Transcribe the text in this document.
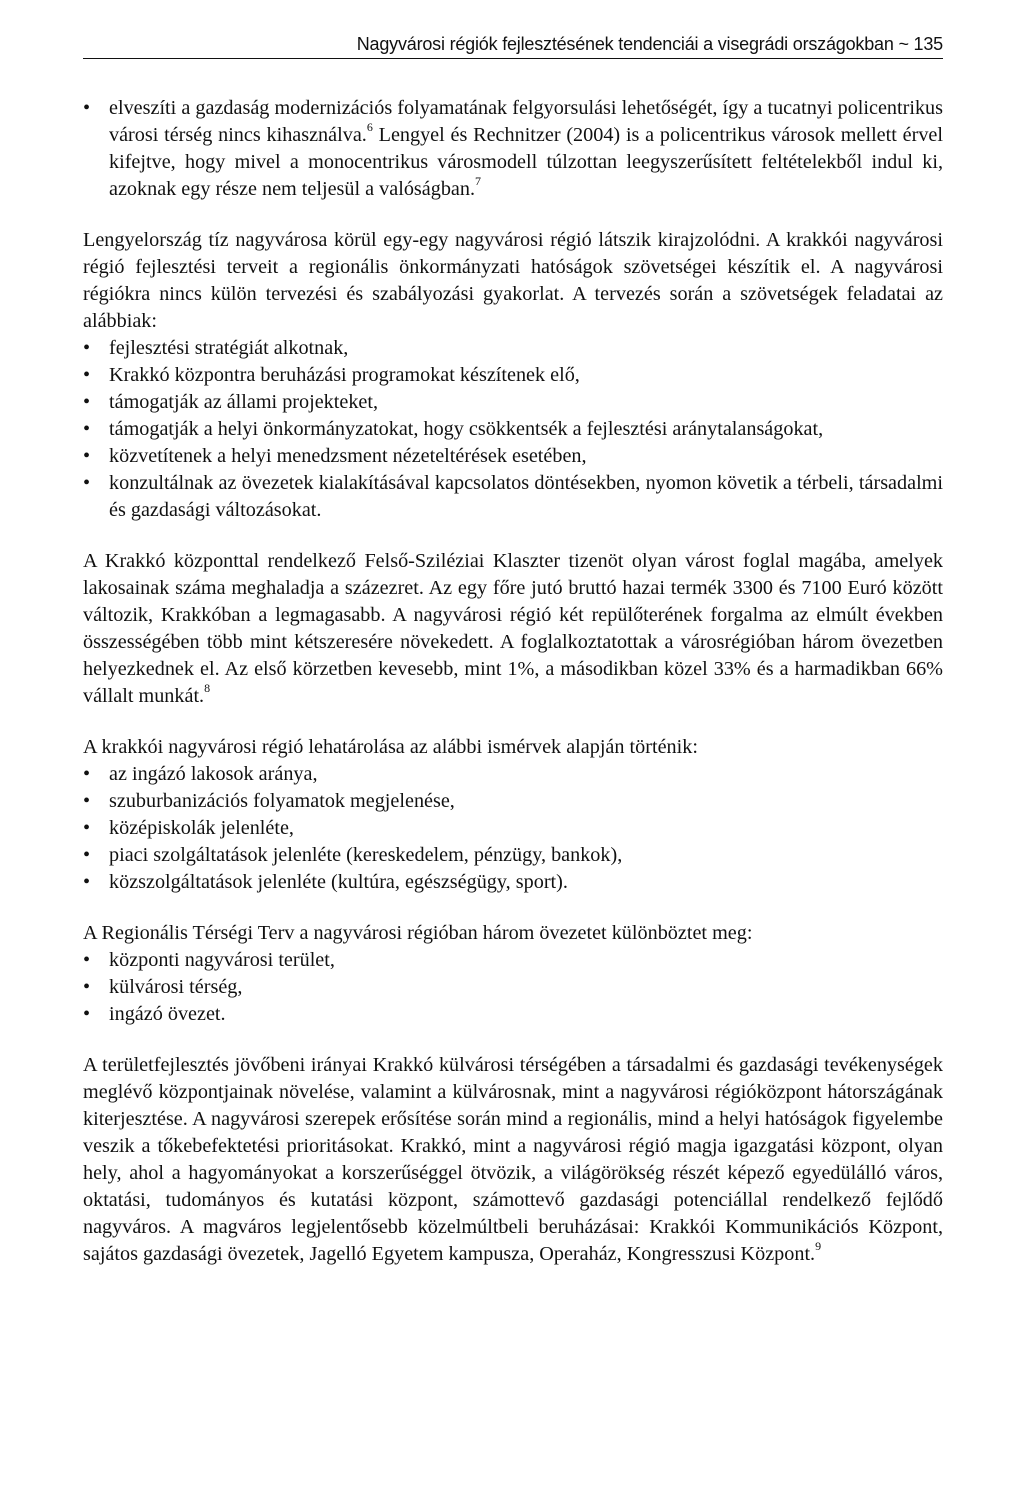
Nagyvárosi régiók fejlesztésének tendenciái a visegrádi országokban ~ 135
• elveszíti a gazdaság modernizációs folyamatának felgyorsulási lehetőségét, így a tucatnyi policentrikus városi térség nincs kihasználva.$^6$ Lengyel és Rechnitzer (2004) is a policentrikus városok mellett érvel kifejtve, hogy mivel a monocentrikus városmodell túlzottan leegyszerűsített feltételekből indul ki, azoknak egy része nem teljesül a valóságban.$^7$

Lengyelország tíz nagyvárosa körül egy-egy nagyvárosi régió látszik kirajzolódni. A krakkói nagyvárosi régió fejlesztési terveit a regionális önkormányzati hatóságok szövetségei készítik el. A nagyvárosi régiókra nincs külön tervezési és szabályozási gyakorlat. A tervezés során a szövetségek feladatai az alábbiak:

• fejlesztési stratégiát alkotnak,
• Krakkó központra beruházási programokat készítenek elő,
• támogatják az állami projekteket,
• támogatják a helyi önkormányzatokat, hogy csökkentsék a fejlesztési aránytalanságokat,
• közvetítenek a helyi menedzsment nézeteltérések esetében,
• konzultálnak az övezetek kialakításával kapcsolatos döntésekben, nyomon követik a térbeli, társadalmi és gazdasági változásokat.

A Krakkó központtal rendelkező Felső-Sziléziai Klaszter tizenöt olyan várost foglal magába, amelyek lakosainak száma meghaladja a százezret. Az egy főre jutó bruttó hazai termék 3300 és 7100 Euró között változik, Krakkóban a legmagasabb. A nagyvárosi régió két repülőterének forgalma az elmúlt években összességében több mint kétszeresére növekedett. A foglalkoztatottak a városrégióban három övezetben helyezkednek el. Az első körzetben kevesebb, mint 1%, a másodikban közel 33% és a harmadikban 66% vállalt munkát.$^8$

A krakkói nagyvárosi régió lehatárolása az alábbi ismérvek alapján történik:

• az ingázó lakosok aránya,
• szuburbanizációs folyamatok megjelenése,
• középiskolák jelenléte,
• piaci szolgáltatások jelenléte (kereskedelem, pénzügy, bankok),
• közszolgáltatások jelenléte (kultúra, egészségügy, sport).

A Regionális Térségi Terv a nagyvárosi régióban három övezetet különböztet meg:

• központi nagyvárosi terület,
• külvárosi térség,
• ingázó övezet.

A területfejlesztés jövőbeni irányai Krakkó külvárosi térségében a társadalmi és gazdasági tevékenységek meglévő központjainak növelése, valamint a külvárosnak, mint a nagyvárosi régióközpont hátországának kiterjesztése. A nagyvárosi szerepek erősítése során mind a regionális, mind a helyi hatóságok figyelembe veszik a tőkebefektetési prioritásokat. Krakkó, mint a nagyvárosi régió magja igazgatási központ, olyan hely, ahol a hagyományokat a korszerűséggel ötvözik, a világörökség részét képező egyedülálló város, oktatási, tudományos és kutatási központ, számottevő gazdasági potenciállal rendelkező fejlődő nagyváros. A magváros legjelentősebb közelmúltbeli beruházásai: Krakkói Kommunikációs Központ, sajátos gazdasági övezetek, Jagelló Egyetem kampusza, Operaház, Kongresszusi Központ.$^9$
